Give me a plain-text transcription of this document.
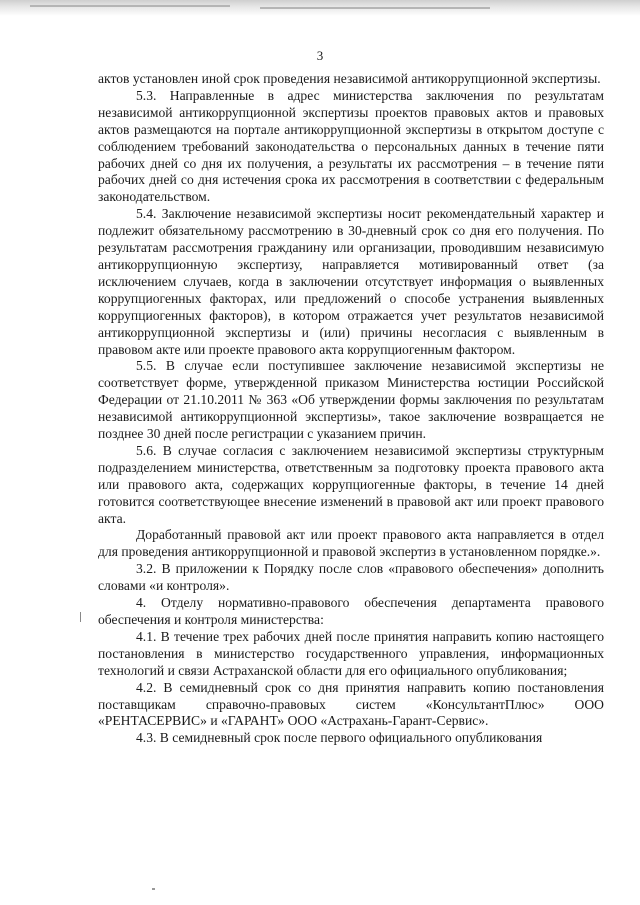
3

актов установлен иной срок проведения независимой антикоррупционной экспертизы.

5.3. Направленные в адрес министерства заключения по результатам независимой антикоррупционной экспертизы проектов правовых актов и правовых актов размещаются на портале антикоррупционной экспертизы в открытом доступе с соблюдением требований законодательства о персональных данных в течение пяти рабочих дней со дня их получения, а результаты их рассмотрения – в течение пяти рабочих дней со дня истечения срока их рассмотрения в соответствии с федеральным законодательством.

5.4. Заключение независимой экспертизы носит рекомендательный характер и подлежит обязательному рассмотрению в 30-дневный срок со дня его получения. По результатам рассмотрения гражданину или организации, проводившим независимую антикоррупционную экспертизу, направляется мотивированный ответ (за исключением случаев, когда в заключении отсутствует информация о выявленных коррупциогенных факторах, или предложений о способе устранения выявленных коррупциогенных факторов), в котором отражается учет результатов независимой антикоррупционной экспертизы и (или) причины несогласия с выявленным в правовом акте или проекте правового акта коррупциогенным фактором.

5.5. В случае если поступившее заключение независимой экспертизы не соответствует форме, утвержденной приказом Министерства юстиции Российской Федерации от 21.10.2011 № 363 «Об утверждении формы заключения по результатам независимой антикоррупционной экспертизы», такое заключение возвращается не позднее 30 дней после регистрации с указанием причин.

5.6. В случае согласия с заключением независимой экспертизы структурным подразделением министерства, ответственным за подготовку проекта правового акта или правового акта, содержащих коррупциогенные факторы, в течение 14 дней готовится соответствующее внесение изменений в правовой акт или проект правового акта.

Доработанный правовой акт или проект правового акта направляется в отдел для проведения антикоррупционной и правовой экспертиз в установленном порядке.».

3.2. В приложении к Порядку после слов «правового обеспечения» дополнить словами «и контроля».

4. Отделу нормативно-правового обеспечения департамента правового обеспечения и контроля министерства:

4.1. В течение трех рабочих дней после принятия направить копию настоящего постановления в министерство государственного управления, информационных технологий и связи Астраханской области для его официального опубликования;

4.2. В семидневный срок со дня принятия направить копию постановления поставщикам справочно-правовых систем «КонсультантПлюс» ООО «РЕНТАСЕРВИС» и «ГАРАНТ» ООО «Астрахань-Гарант-Сервис».

4.3. В семидневный срок после первого официального опубликования
